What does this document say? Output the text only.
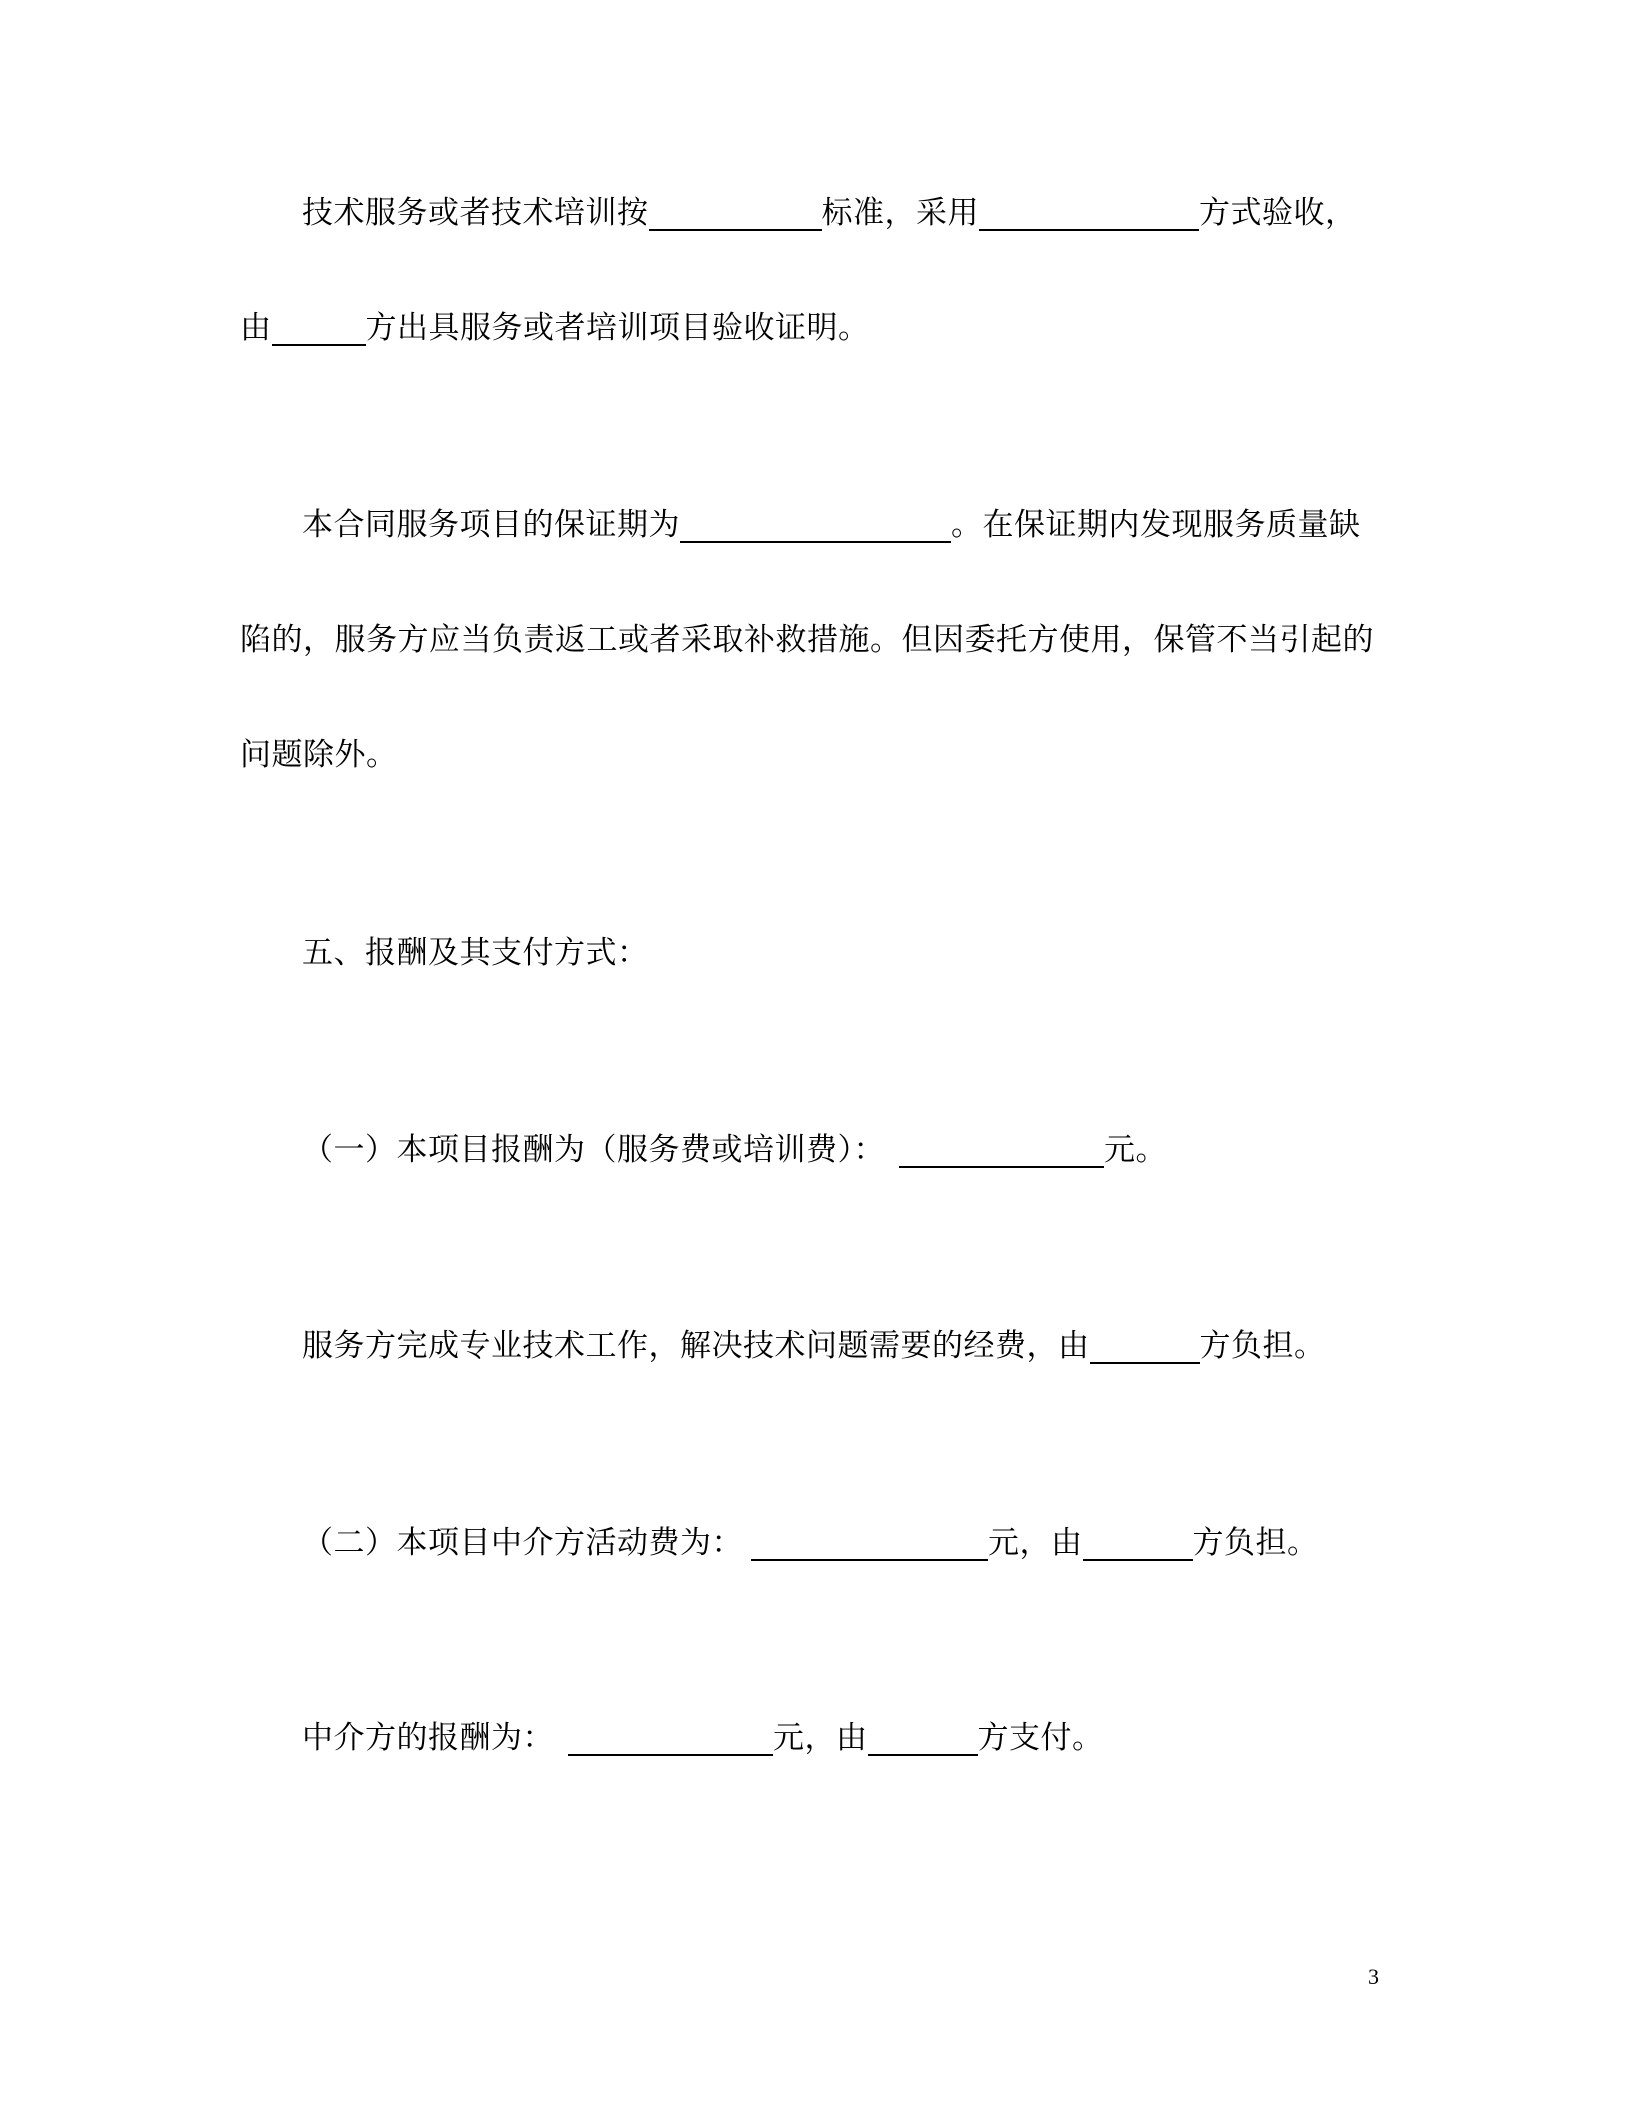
技术服务或者技术培训按	标准，采用	方式验收，
由	方出具服务或者培训项目验收证明。
本合同服务项目的保证期为	。在保证期内发现服务质量缺
陷的，服务方应当负责返工或者采取补救措施。但因委托方使用，保管不当引起的
问题除外。
五、报酬及其支付方式：
（一）本项目报酬为（服务费或培训费）：	元。
服务方完成专业技术工作，解决技术问题需要的经费，由	方负担。
（二）本项目中介方活动费为：	元，由	方负担。
中介方的报酬为：	元，由	方支付。
3
